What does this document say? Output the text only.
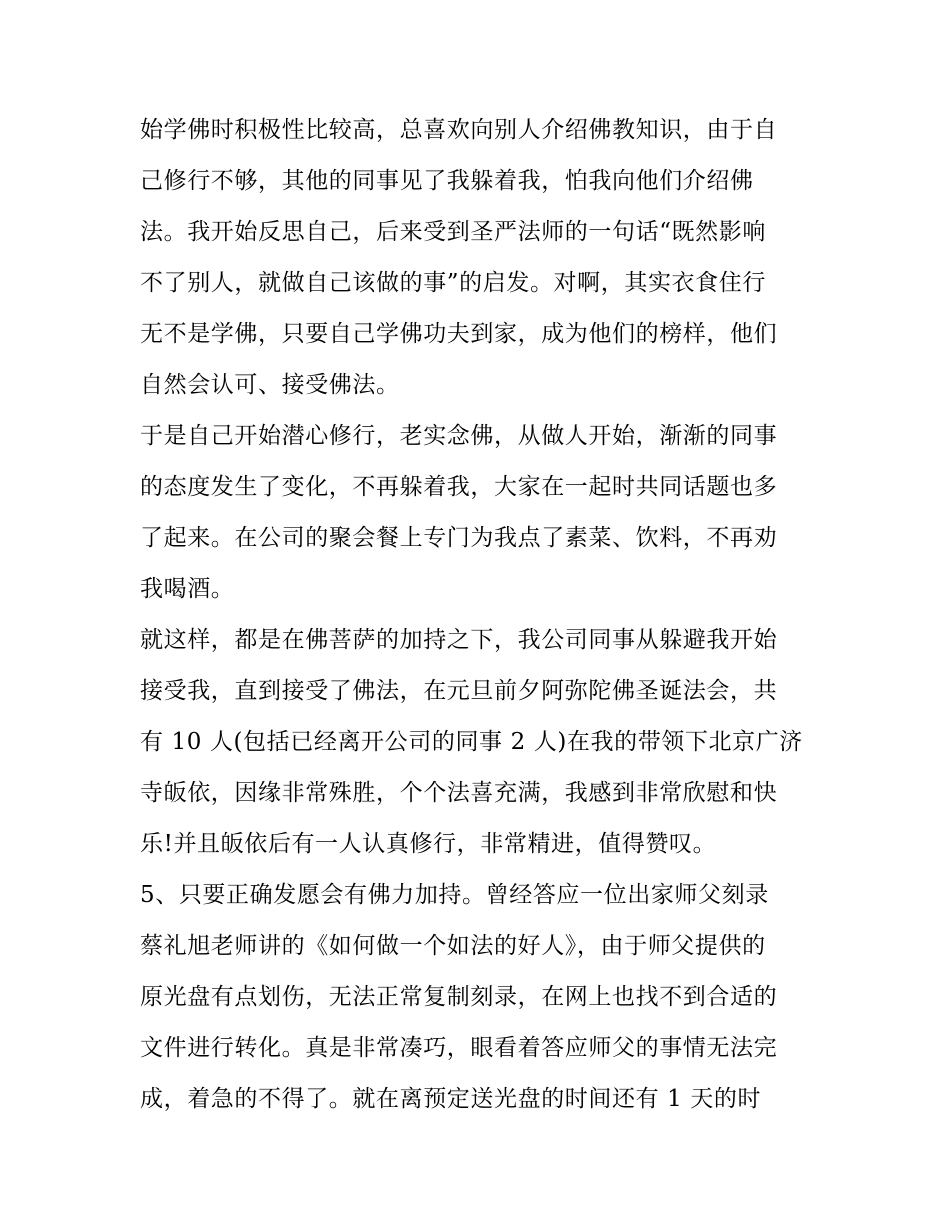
始学佛时积极性比较高，总喜欢向别人介绍佛教知识，由于自
己修行不够，其他的同事见了我躲着我，怕我向他们介绍佛
法。我开始反思自己，后来受到圣严法师的一句话“既然影响
不了别人，就做自己该做的事”的启发。对啊，其实衣食住行
无不是学佛，只要自己学佛功夫到家，成为他们的榜样，他们
自然会认可、接受佛法。
于是自己开始潜心修行，老实念佛，从做人开始，渐渐的同事
的态度发生了变化，不再躲着我，大家在一起时共同话题也多
了起来。在公司的聚会餐上专门为我点了素菜、饮料，不再劝
我喝酒。
就这样，都是在佛菩萨的加持之下，我公司同事从躲避我开始
接受我，直到接受了佛法，在元旦前夕阿弥陀佛圣诞法会，共
有 10 人(包括已经离开公司的同事 2 人)在我的带领下北京广济
寺皈依，因缘非常殊胜，个个法喜充满，我感到非常欣慰和快
乐!并且皈依后有一人认真修行，非常精进，值得赞叹。
5、只要正确发愿会有佛力加持。曾经答应一位出家师父刻录
蔡礼旭老师讲的《如何做一个如法的好人》，由于师父提供的
原光盘有点划伤，无法正常复制刻录，在网上也找不到合适的
文件进行转化。真是非常凑巧，眼看着答应师父的事情无法完
成，着急的不得了。就在离预定送光盘的时间还有 1 天的时
